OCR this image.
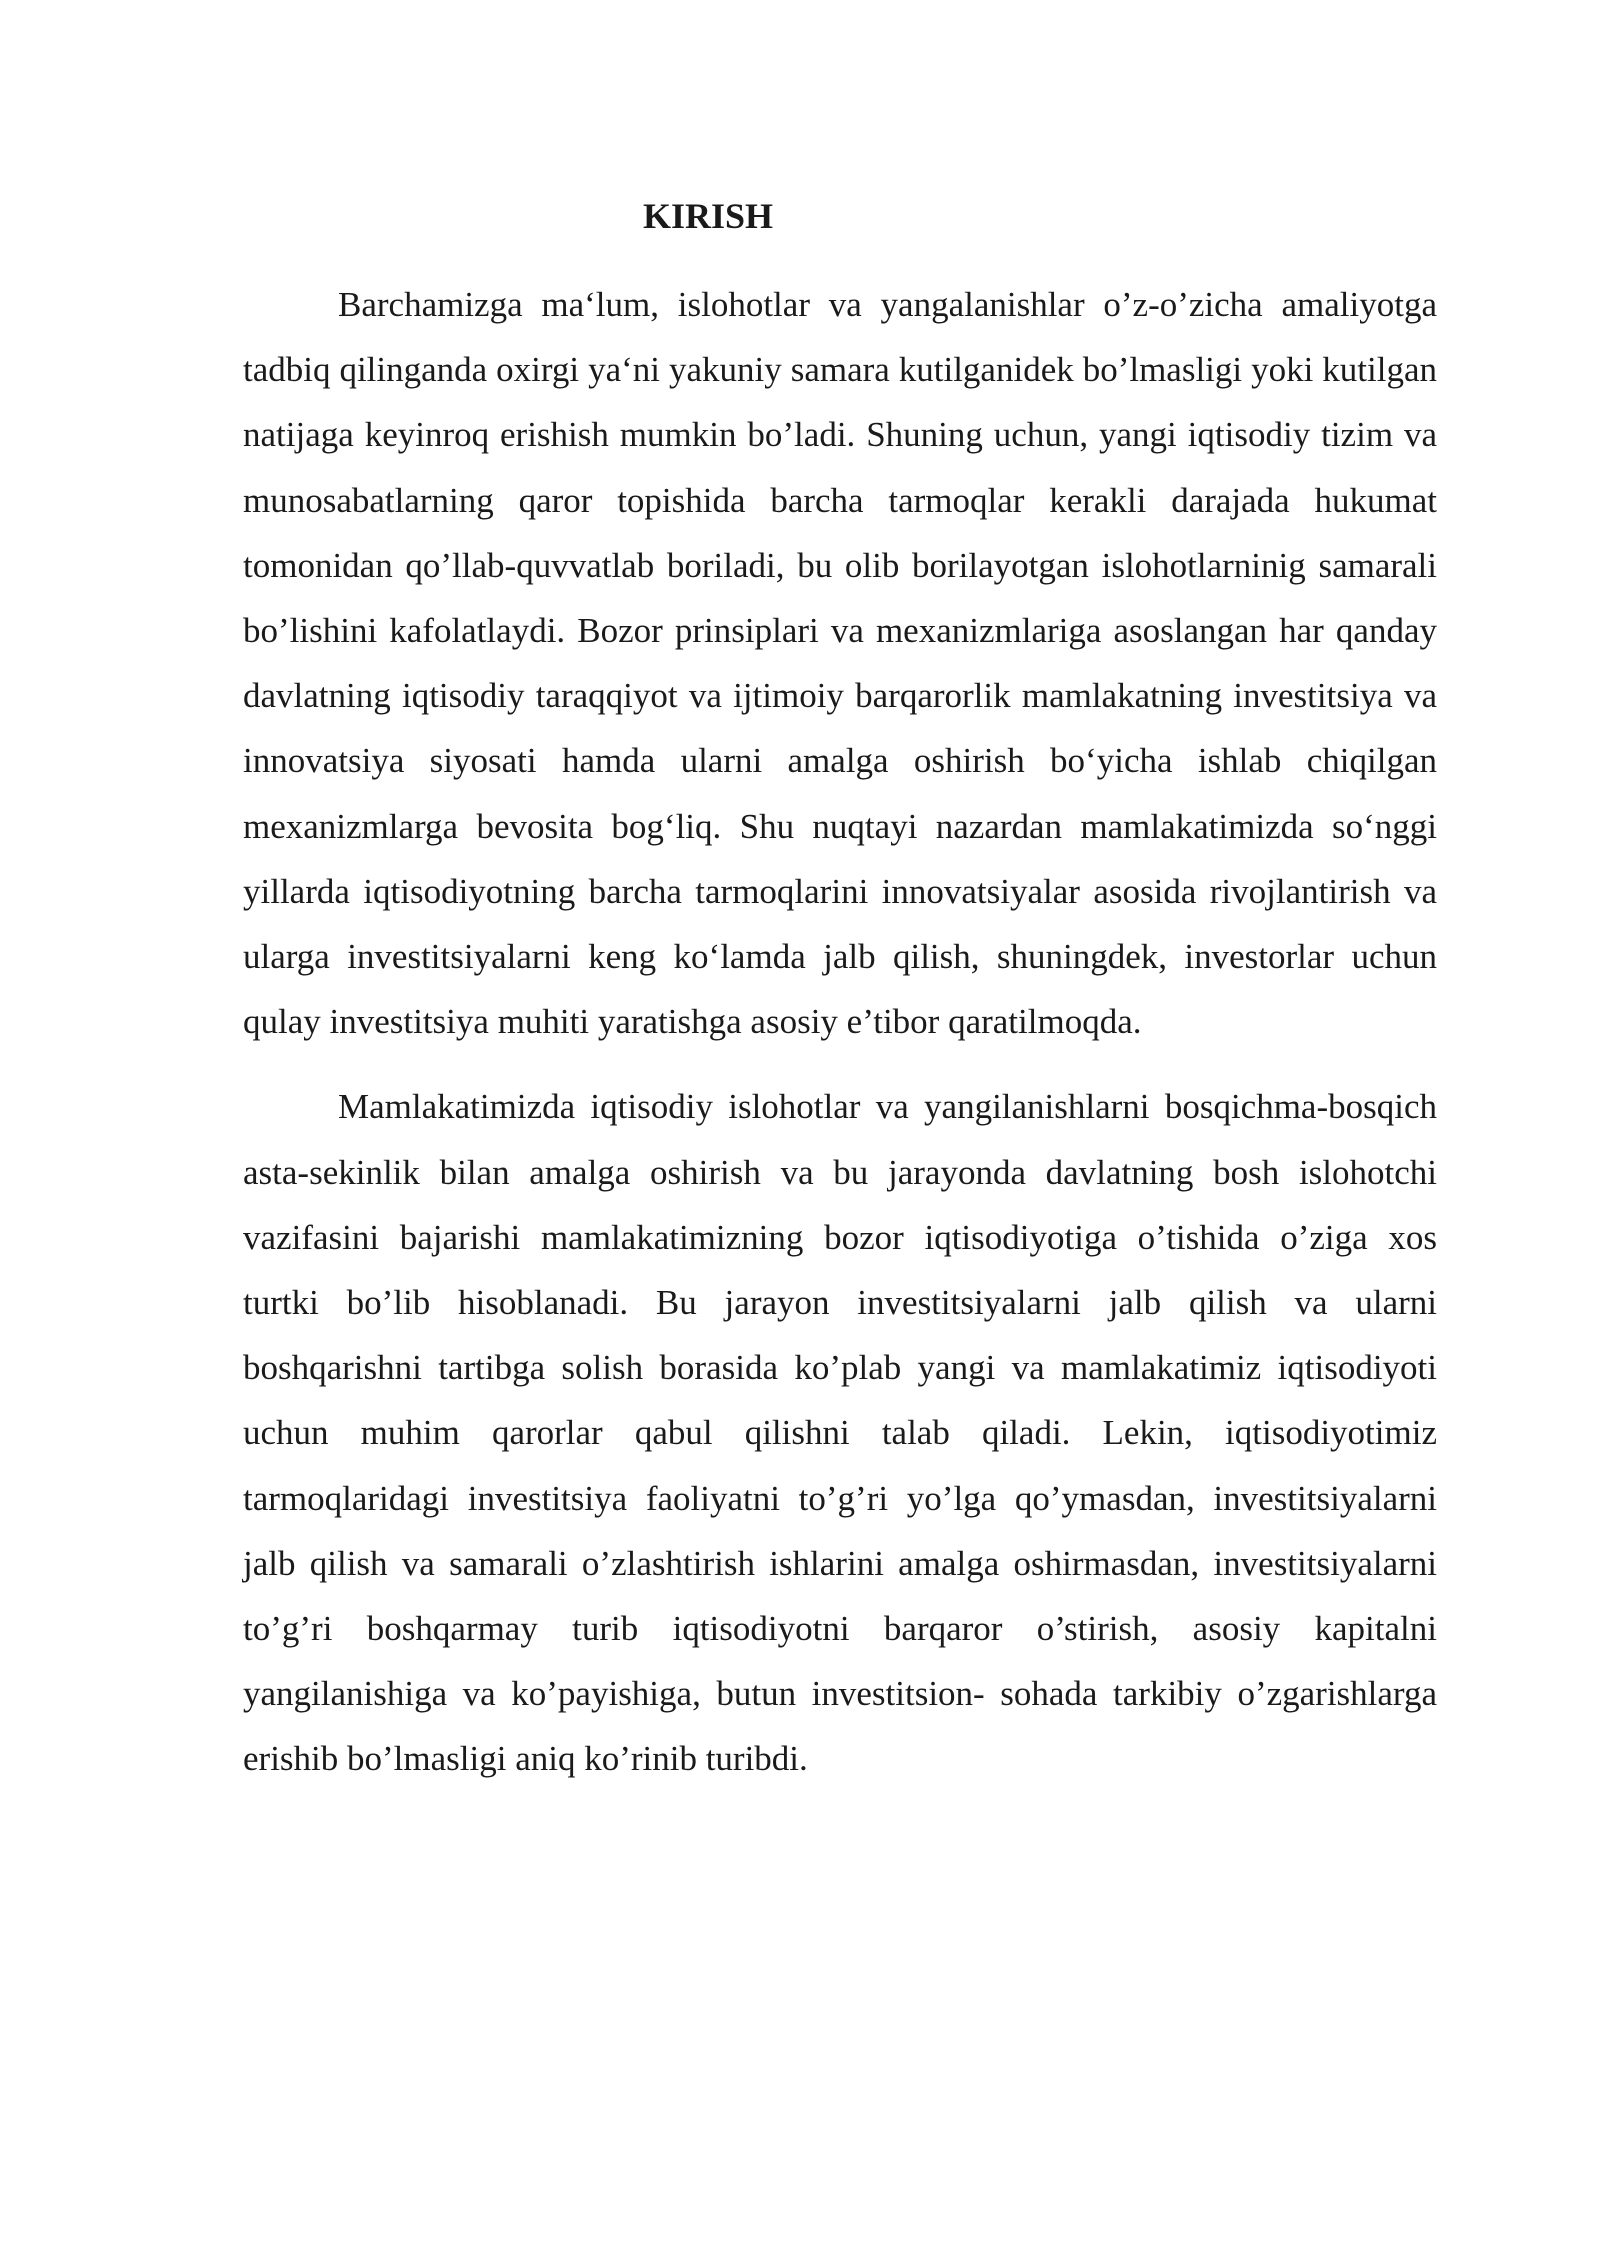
KIRISH

Barchamizga ma‘lum, islohotlar va yangalanishlar o’z-o’zicha amaliyotga tadbiq qilinganda oxirgi ya‘ni yakuniy samara kutilganidek bo’lmasligi yoki kutilgan natijaga keyinroq erishish mumkin bo’ladi. Shuning uchun, yangi iqtisodiy tizim va munosabatlarning qaror topishida barcha tarmoqlar kerakli darajada hukumat tomonidan qo’llab-quvvatlab boriladi, bu olib borilayotgan islohotlarninig samarali bo’lishini kafolatlaydi. Bozor prinsiplari va mexanizmlariga asoslangan har qanday davlatning iqtisodiy taraqqiyot va ijtimoiy barqarorlik mamlakatning investitsiya va innovatsiya siyosati hamda ularni amalga oshirish bo‘yicha ishlab chiqilgan mexanizmlarga bevosita bog‘liq. Shu nuqtayi nazardan mamlakatimizda so‘nggi yillarda iqtisodiyotning barcha tarmoqlarini innovatsiyalar asosida rivojlantirish va ularga investitsiyalarni keng ko‘lamda jalb qilish, shuningdek, investorlar uchun qulay investitsiya muhiti yaratishga asosiy e’tibor qaratilmoqda.

Mamlakatimizda iqtisodiy islohotlar va yangilanishlarni bosqichma-bosqich asta-sekinlik bilan amalga oshirish va bu jarayonda davlatning bosh islohotchi vazifasini bajarishi mamlakatimizning bozor iqtisodiyotiga o’tishida o’ziga xos turtki bo’lib hisoblanadi. Bu jarayon investitsiyalarni jalb qilish va ularni boshqarishni tartibga solish borasida ko’plab yangi va mamlakatimiz iqtisodiyoti uchun muhim qarorlar qabul qilishni talab qiladi. Lekin, iqtisodiyotimiz tarmoqlaridagi investitsiya faoliyatni to’g’ri yo’lga qo’ymasdan, investitsiyalarni jalb qilish va samarali o’zlashtirish ishlarini amalga oshirmasdan, investitsiyalarni to’g’ri boshqarmay turib iqtisodiyotni barqaror o’stirish, asosiy kapitalni yangilanishiga va ko’payishiga, butun investitsion- sohada tarkibiy o’zgarishlarga erishib bo’lmasligi aniq ko’rinib turibdi.
